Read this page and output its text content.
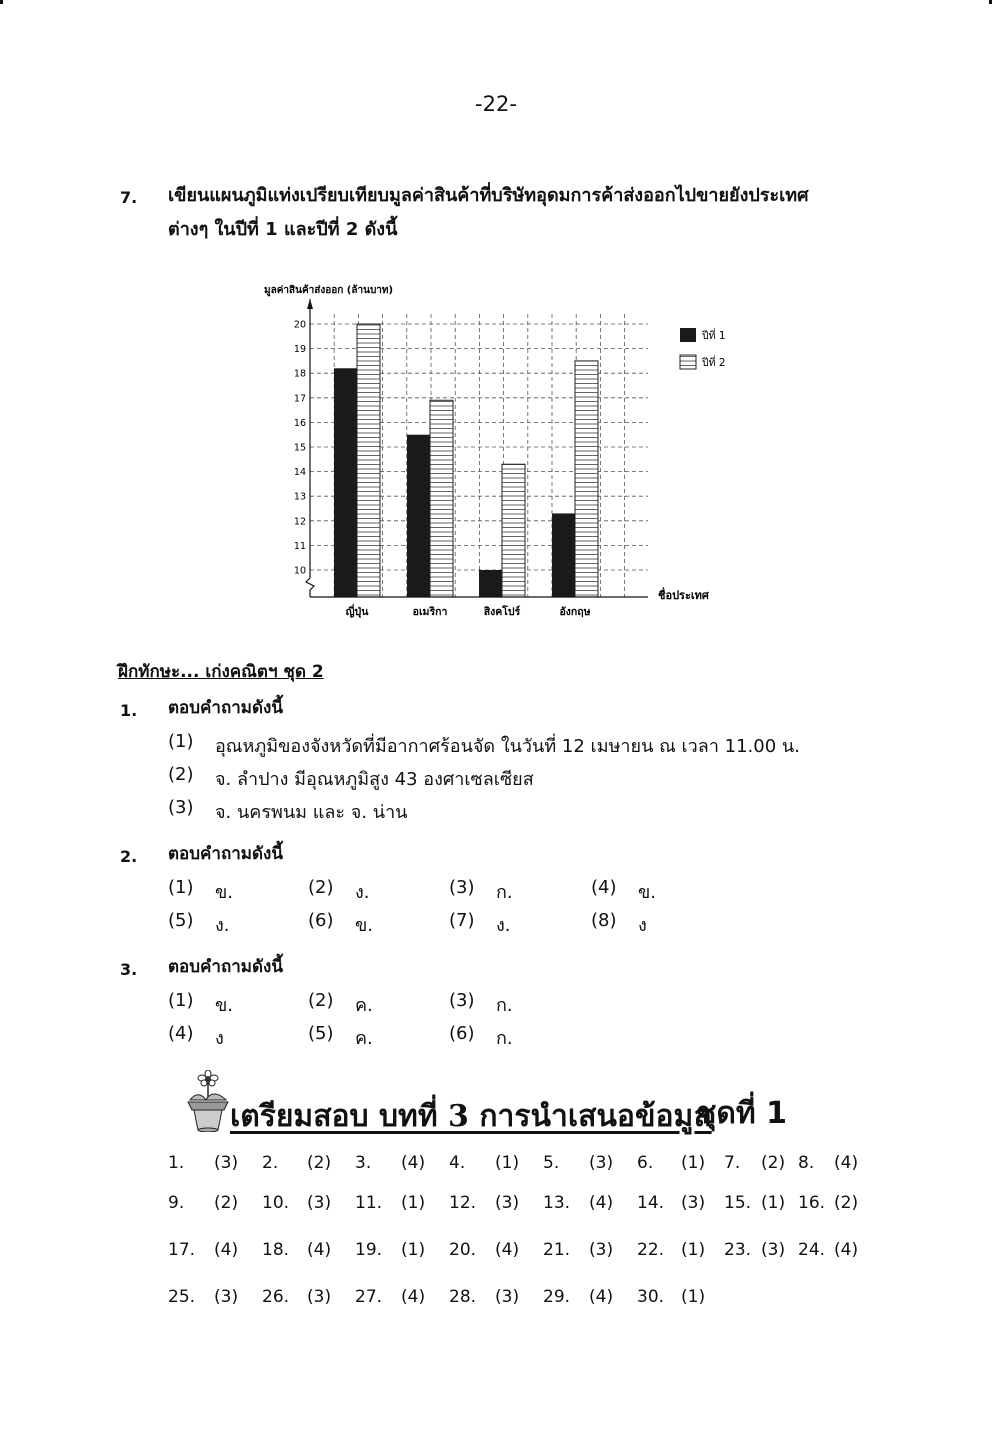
-22-
7. เขียนแผนภูมิแท่งเปรียบเทียบมูลค่าสินค้าที่บริษัทอุดมการค้าส่งออกไปขายยังประเทศ
ต่างๆ ในปีที่ 1 และปีที่ 2 ดังนี้
มูลค่าสินค้าส่งออก (ล้านบาท)
10
11
12
13
14
15
16
17
18
19
20
ญี่ปุ่น	อเมริกา	สิงคโปร์	อังกฤษ
ปีที่ 1
ปีที่ 2
ชื่อประเทศ
ฝึกทักษะ... เก่งคณิตฯ ชุด 2
1. ตอบคำถามดังนี้
2. ตอบคำถามดังนี้
3. ตอบคำถามดังนี้
เตรียมสอบ บทที่ 3 การนำเสนอข้อมูล
ชุดที่ 1
(1) อุณหภูมิของจังหวัดที่มีอากาศร้อนจัด ในวันที่ 12 เมษายน ณ เวลา 11.00 น.
(2) จ. ลำปาง มีอุณหภูมิสูง 43 องศาเซลเซียส
(3) จ. นครพนม และ จ. น่าน
(1) ข.	(2) ง.	(3) ก.	(4) ข.
(5) ง.	(6) ข.	(7) ง.	(8) ง
(1) ข.	(2) ค.	(3) ก.
(4) ง	(5) ค.	(6) ก.
1. (3) 2. (2) 3. (4) 4. (1) 5. (3) 6. (1) 7. (2) 8. (4)
9. (2) 10. (3) 11. (1) 12. (3) 13. (4) 14. (3) 15. (1) 16. (2)
17. (4) 18. (4) 19. (1) 20. (4) 21. (3) 22. (1) 23. (3) 24. (4)
25. (3) 26. (3) 27. (4) 28. (3) 29. (4) 30. (1)
